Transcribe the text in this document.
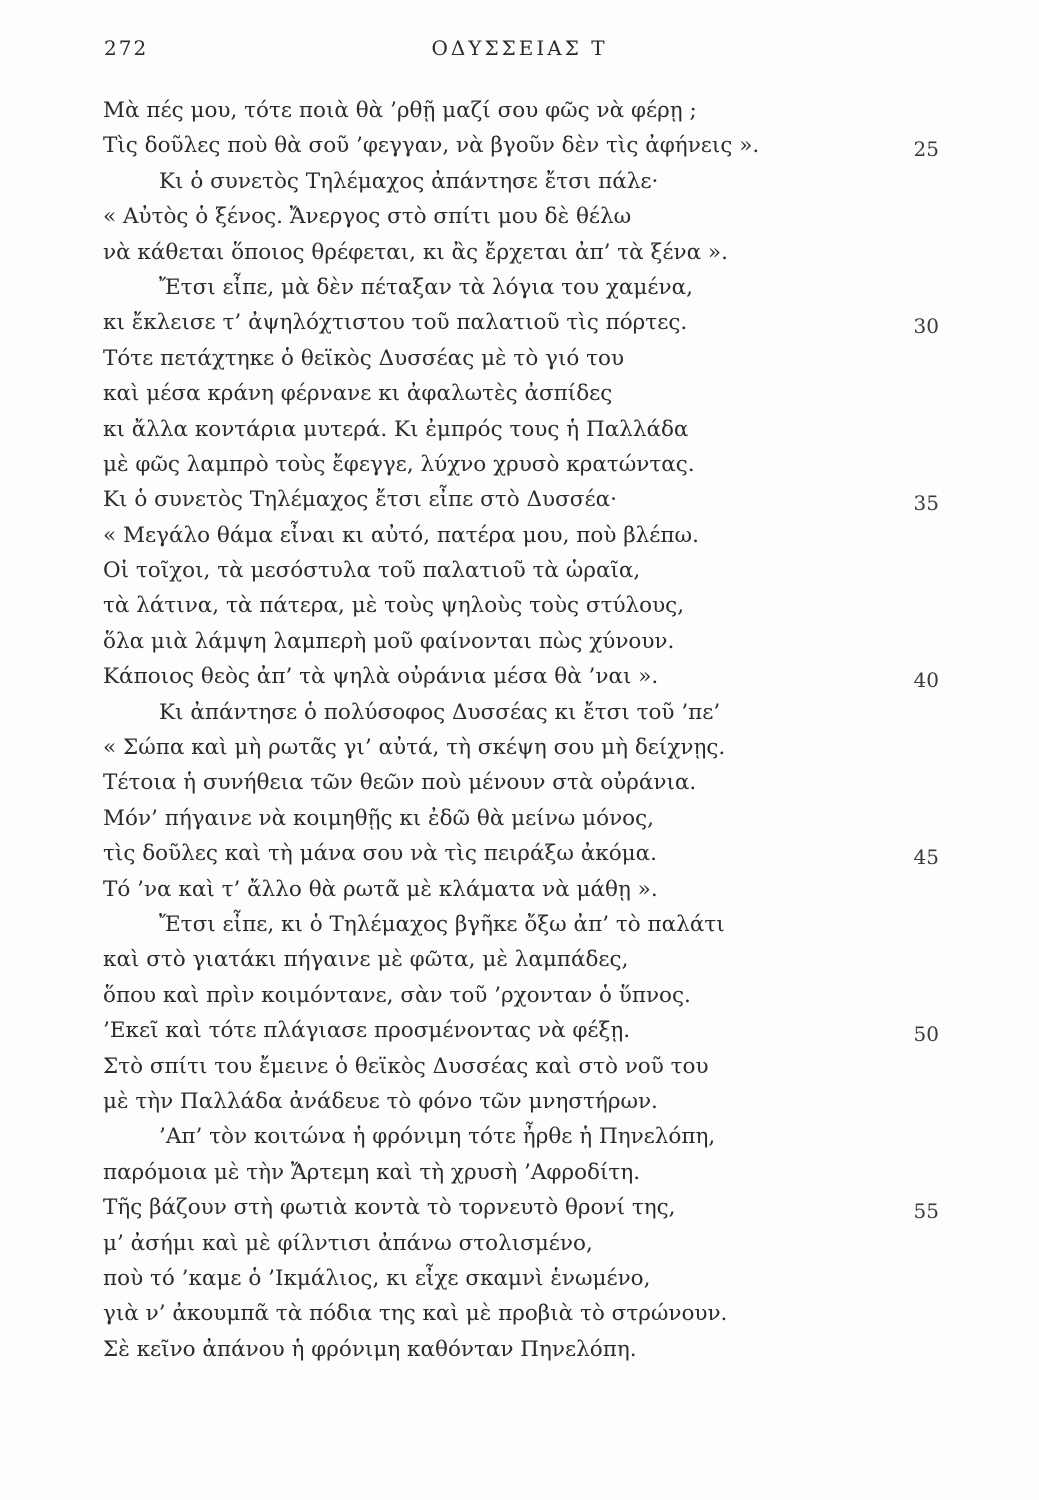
272	ΟΔΥΣΣΕΙΑΣ Τ
Μὰ πές μου, τότε ποιὰ θὰ ’ρθῇ μαζί σου φῶς νὰ φέρῃ ;
Τὶς δοῦλες ποὺ θὰ σοῦ ’φεγγαν, νὰ βγοῦν δὲν τὶς ἀφήνεις ».	25
Κι ὁ συνετὸς Τηλέμαχος ἀπάντησε ἔτσι πάλε·
« Αὐτὸς ὁ ξένος. Ἄνεργος στὸ σπίτι μου δὲ θέλω
νὰ κάθεται ὅποιος θρέφεται, κι ἂς ἔρχεται ἀπ’ τὰ ξένα ».
Ἔτσι εἶπε, μὰ δὲν πέταξαν τὰ λόγια του χαμένα,
κι ἔκλεισε τ’ ἀψηλόχτιστου τοῦ παλατιοῦ τὶς πόρτες.	30
Τότε πετάχτηκε ὁ θεϊκὸς Δυσσέας μὲ τὸ γιό του
καὶ μέσα κράνη φέρνανε κι ἀφαλωτὲς ἀσπίδες
κι ἄλλα κοντάρια μυτερά. Κι ἐμπρός τους ἡ Παλλάδα
μὲ φῶς λαμπρὸ τοὺς ἔφεγγε, λύχνο χρυσὸ κρατώντας.
Κι ὁ συνετὸς Τηλέμαχος ἔτσι εἶπε στὸ Δυσσέα·	35
« Μεγάλο θάμα εἶναι κι αὐτό, πατέρα μου, ποὺ βλέπω.
Οἱ τοῖχοι, τὰ μεσόστυλα τοῦ παλατιοῦ τὰ ὡραῖα,
τὰ λάτινα, τὰ πάτερα, μὲ τοὺς ψηλοὺς τοὺς στύλους,
ὅλα μιὰ λάμψη λαμπερὴ μοῦ φαίνονται πὼς χύνουν.
Κάποιος θεὸς ἀπ’ τὰ ψηλὰ οὐράνια μέσα θὰ ’ναι ».	40
Κι ἀπάντησε ὁ πολύσοφος Δυσσέας κι ἔτσι τοῦ ’πε’
« Σώπα καὶ μὴ ρωτᾶς γι’ αὐτά, τὴ σκέψη σου μὴ δείχνῃς.
Τέτοια ἡ συνήθεια τῶν θεῶν ποὺ μένουν στὰ οὐράνια.
Μόν’ πήγαινε νὰ κοιμηθῇς κι ἐδῶ θὰ μείνω μόνος,
τὶς δοῦλες καὶ τὴ μάνα σου νὰ τὶς πειράξω ἀκόμα.	45
Τό ’να καὶ τ’ ἄλλο θὰ ρωτᾶ μὲ κλάματα νὰ μάθῃ ».
Ἔτσι εἶπε, κι ὁ Τηλέμαχος βγῆκε ὄξω ἀπ’ τὸ παλάτι
καὶ στὸ γιατάκι πήγαινε μὲ φῶτα, μὲ λαμπάδες,
ὅπου καὶ πρὶν κοιμόντανε, σὰν τοῦ ’ρχονταν ὁ ὕπνος.
’Εκεῖ καὶ τότε πλάγιασε προσμένοντας νὰ φέξῃ.	50
Στὸ σπίτι του ἔμεινε ὁ θεϊκὸς Δυσσέας καὶ στὸ νοῦ του
μὲ τὴν Παλλάδα ἀνάδευε τὸ φόνο τῶν μνηστήρων.
’Απ’ τὸν κοιτώνα ἡ φρόνιμη τότε ἦρθε ἡ Πηνελόπη,
παρόμοια μὲ τὴν Ἄρτεμη καὶ τὴ χρυσὴ ’Αφροδίτη.
Τῆς βάζουν στὴ φωτιὰ κοντὰ τὸ τορνευτὸ θρονί της,	55
μ’ ἀσήμι καὶ μὲ φίλντισι ἀπάνω στολισμένο,
ποὺ τό ’καμε ὁ ’Ικμάλιος, κι εἶχε σκαμνὶ ἑνωμένο,
γιὰ ν’ ἀκουμπᾶ τὰ πόδια της καὶ μὲ προβιὰ τὸ στρώνουν.
Σὲ κεῖνο ἀπάνου ἡ φρόνιμη καθόνταν Πηνελόπη.
